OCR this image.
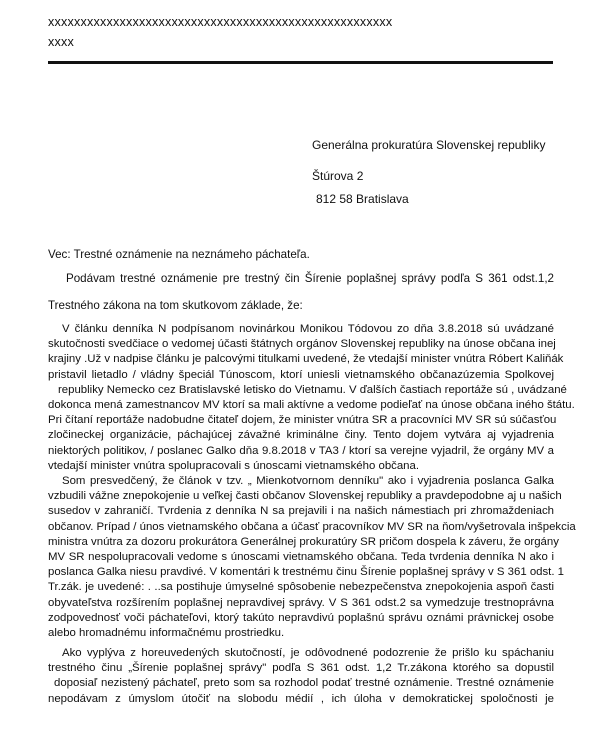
xxxxxxxxxxxxxxxxxxxxxxxxxxxxxxxxxxxxxxxxxxxxxxxxxxxxx
xxxx
Generálna prokuratúra Slovenskej republiky
Štúrova 2
812 58 Bratislava
Vec: Trestné oznámenie na neznámeho páchateľa.
Podávam trestné oznámenie pre trestný čin Šírenie poplašnej správy podľa S 361 odst.1,2
Trestného zákona na tom skutkovom základe, že:
V článku denníka N podpísanom novinárkou Monikou Tódovou zo dňa 3.8.2018 sú uvádzané
skutočnosti svedčiace o vedomej účasti štátnych orgánov Slovenskej republiky na únose občana inej
krajiny .Už v nadpise článku je palcovými titulkami uvedené, že vtedajší minister vnútra Róbert Kaliňák
pristavil lietadlo / vládny špeciál Túnoscom, ktorí uniesli vietnamského občanazúzemia Spolkovej
republiky Nemecko cez Bratislavské letisko do Vietnamu. V ďalších častiach reportáže sú , uvádzané
dokonca mená zamestnancov MV ktorí sa mali aktívne a vedome podieľať na únose občana iného štátu.
Pri čítaní reportáže nadobudne čitateľ dojem, že minister vnútra SR a pracovníci MV SR sú súčasťou
zločineckej organizácie, páchajúcej závažné kriminálne činy. Tento dojem vytvára aj vyjadrenia
niektorých politikov, / poslanec Galko dňa 9.8.2018 v TA3 / ktorí sa verejne vyjadril, že orgány MV a
vtedajší minister vnútra spolupracovali s únoscami vietnamského občana.
Som presvedčený, že článok v tzv. „ Mienkotvornom denníku" ako i vyjadrenia poslanca Galka
vzbudili vážne znepokojenie u veľkej časti občanov Slovenskej republiky a pravdepodobne aj u našich
susedov v zahraničí. Tvrdenia z denníka N sa prejavili i na našich námestiach pri zhromaždeniach
občanov. Prípad / únos vietnamského občana a účasť pracovníkov MV SR na ňom/vyšetrovala inšpekcia
ministra vnútra za dozoru prokurátora Generálnej prokuratúry SR pričom dospela k záveru, že orgány
MV SR nespolupracovali vedome s únoscami vietnamského občana. Teda tvrdenia denníka N ako i
poslanca Galka niesu pravdivé. V komentári k trestnému činu Šírenie poplašnej správy v S 361 odst. 1
Tr.zák. je uvedené: . ..sa postihuje úmyselné spôsobenie nebezpečenstva znepokojenia aspoň časti
obyvateľstva rozšírením poplašnej nepravdivej správy. V S 361 odst.2 sa vymedzuje trestnoprávna
zodpovednosť voči páchateľovi, ktorý takúto nepravdivú poplašnú správu oznámi právnickej osobe
alebo hromadnému informačnému prostriedku.
Ako vyplýva z horeuvedených skutočností, je odôvodnené podozrenie že prišlo ku spáchaniu
trestného činu „Šírenie poplašnej správy" podľa S 361 odst. 1,2 Tr.zákona ktorého sa dopustil
doposiaľ nezistený páchateľ, preto som sa rozhodol podať trestné oznámenie. Trestné oznámenie
nepodávam z úmyslom útočiť na slobodu médií , ich úloha v demokratickej spoločnosti je
